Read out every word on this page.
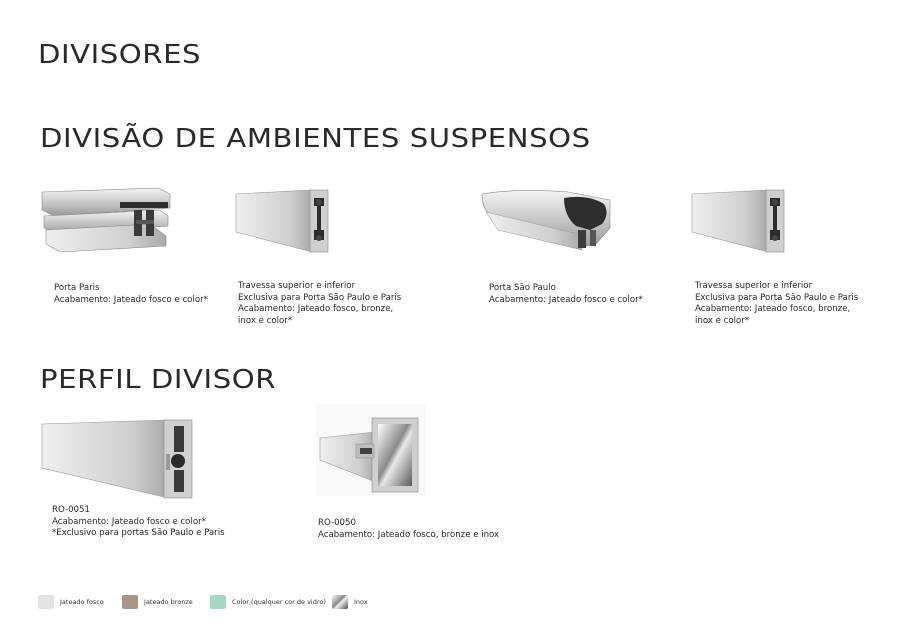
DIVISORES
DIVISÃO DE AMBIENTES SUSPENSOS
PERFIL DIVISOR
Porta Paris
Acabamento: Jateado fosco e color*
Travessa superior e inferior
Exclusiva para Porta São Paulo e Paris
Acabamento: Jateado fosco, bronze,
inox e color*
Porta São Paulo
Acabamento: Jateado fosco e color*
Travessa superior e inferior
Exclusiva para Porta São Paulo e Paris
Acabamento: Jateado fosco, bronze,
inox e color*
RO-0051
Acabamento: Jateado fosco e color*
*Exclusivo para portas São Paulo e Paris
RO-0050
Acabamento: Jateado fosco, bronze e inox
Jateado fosco	Jateado bronze	Color (qualquer cor de vidro)	Inox
